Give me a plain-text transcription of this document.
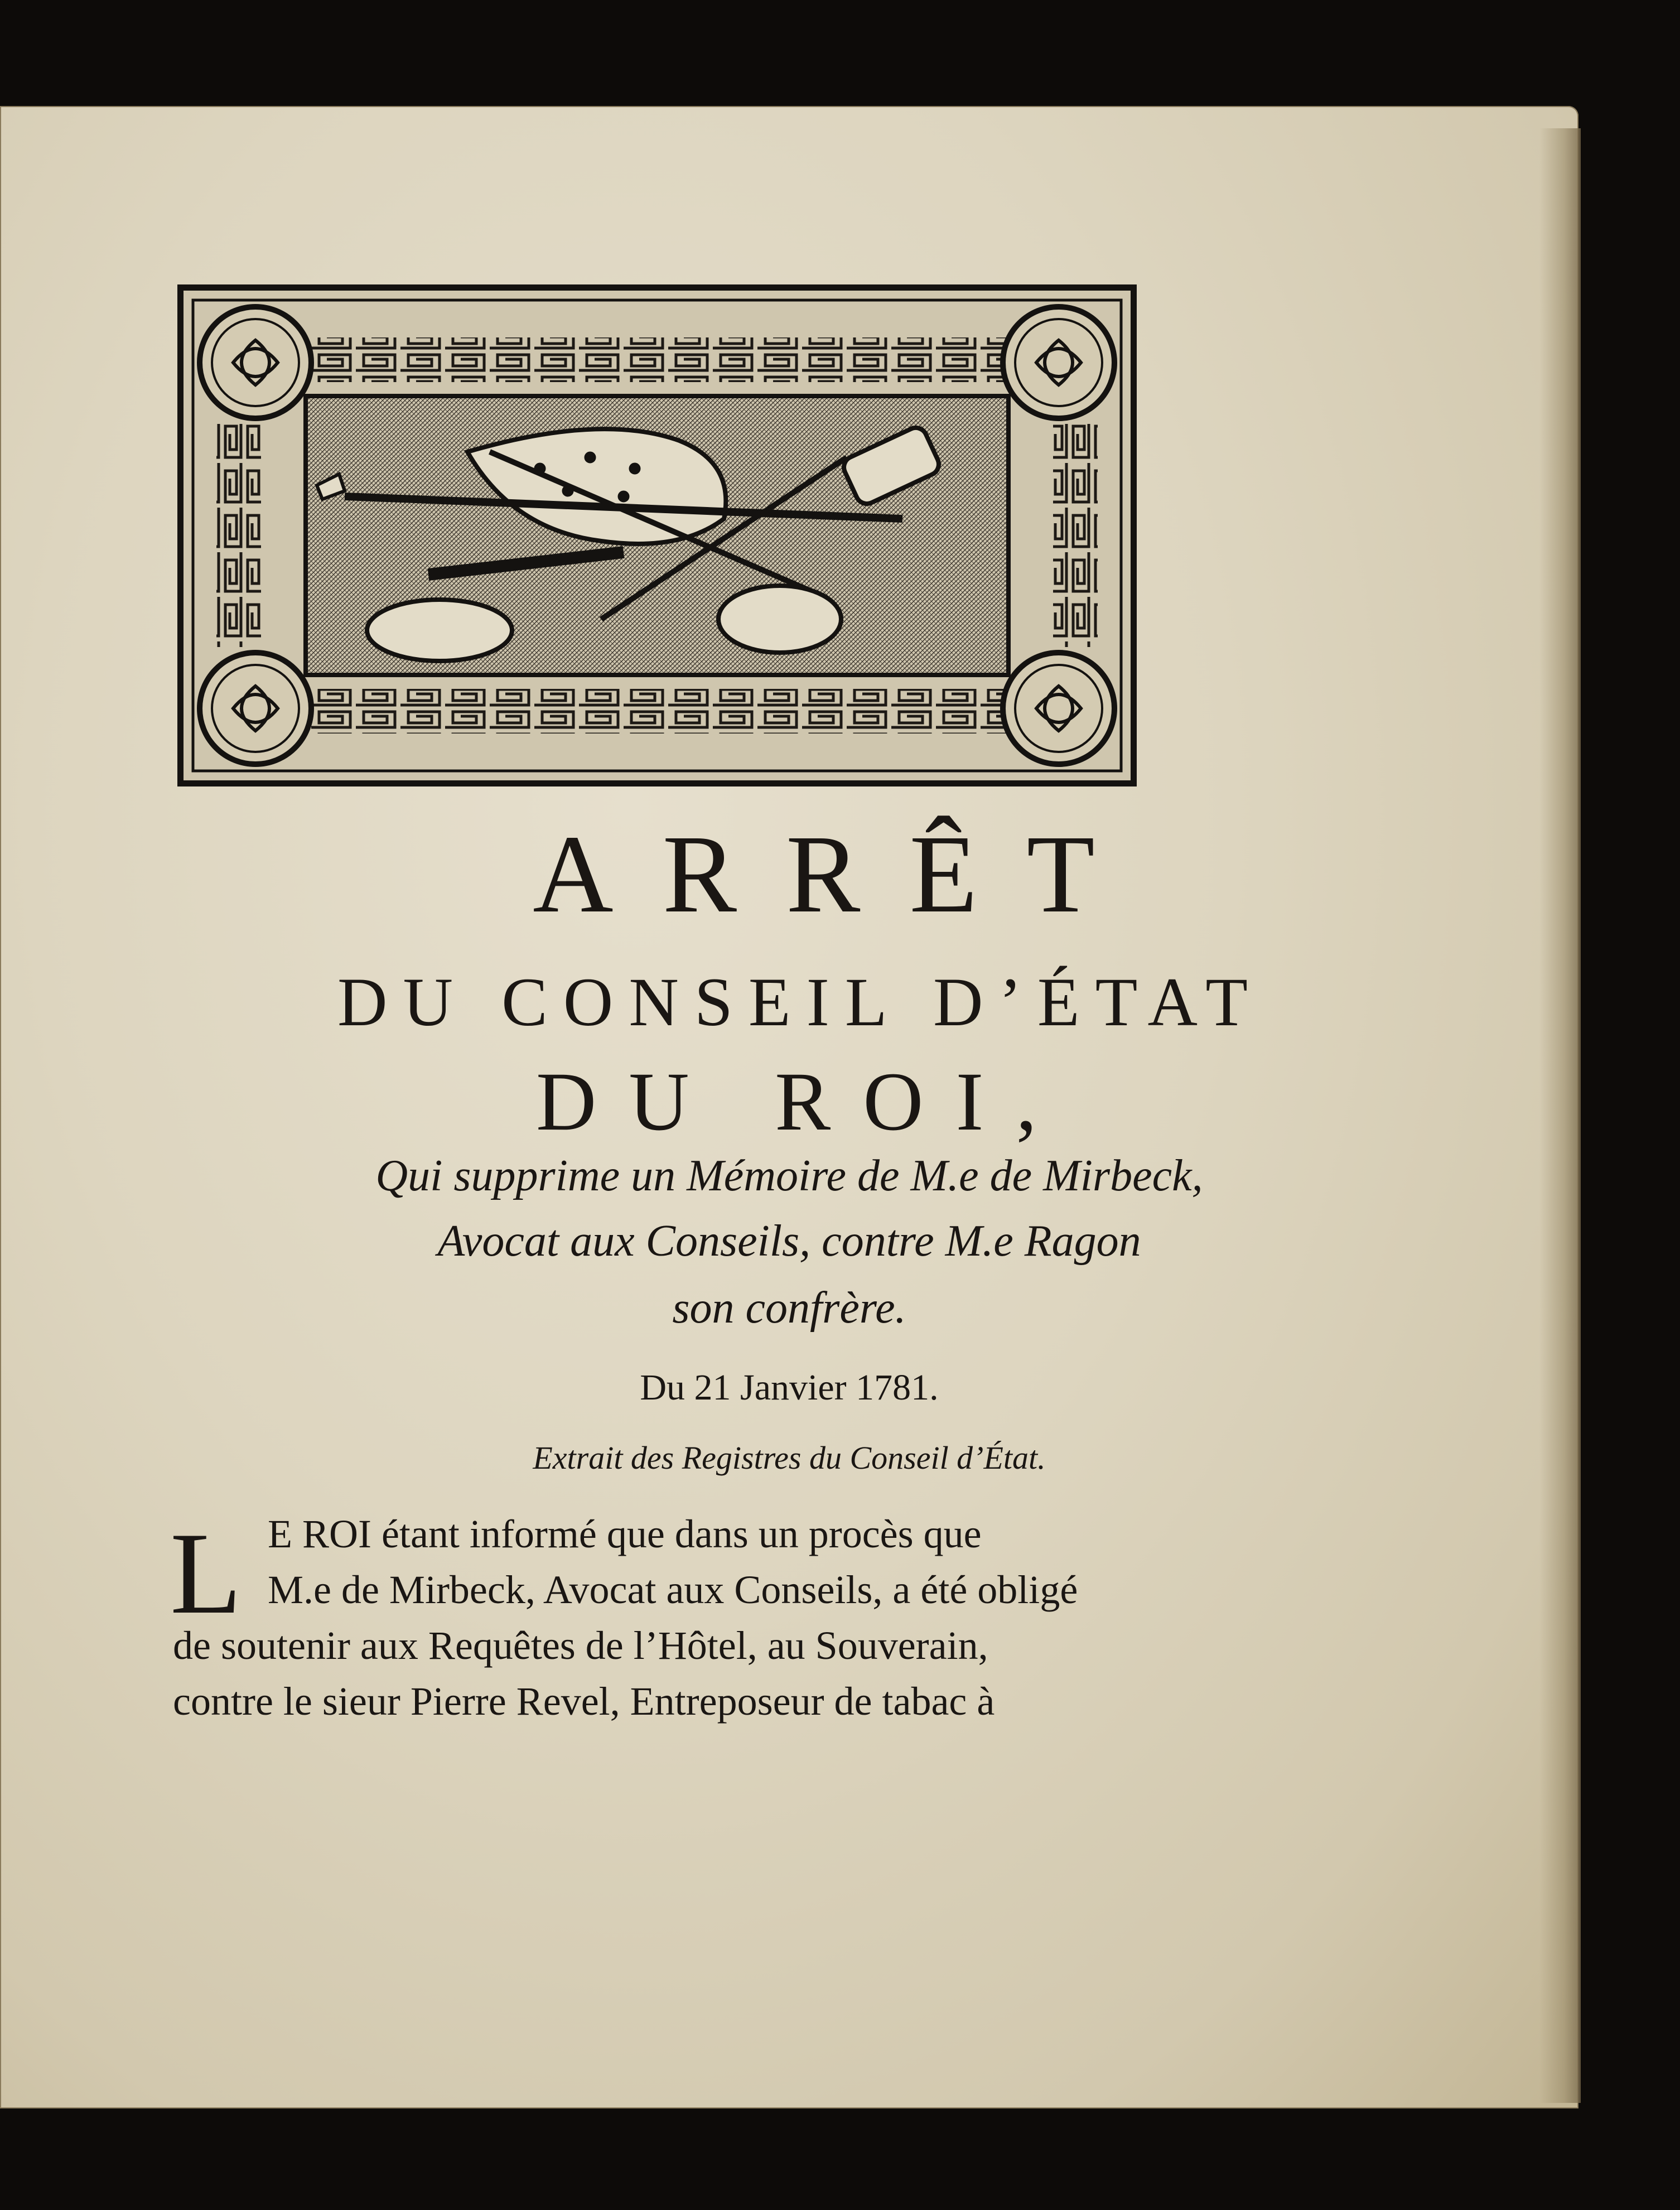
ARRÊT
DU CONSEIL D’ÉTAT
DU ROI,
Qui supprime un Mémoire de M.e de Mirbeck,
Avocat aux Conseils, contre M.e Ragon
son confrère.
Du 21 Janvier 1781.
Extrait des Registres du Conseil d’État.
L E ROI étant informé que dans un procès que
M.e de Mirbeck, Avocat aux Conseils, a été obligé
de soutenir aux Requêtes de l’Hôtel, au Souverain,
contre le sieur Pierre Revel, Entreposeur de tabac à
